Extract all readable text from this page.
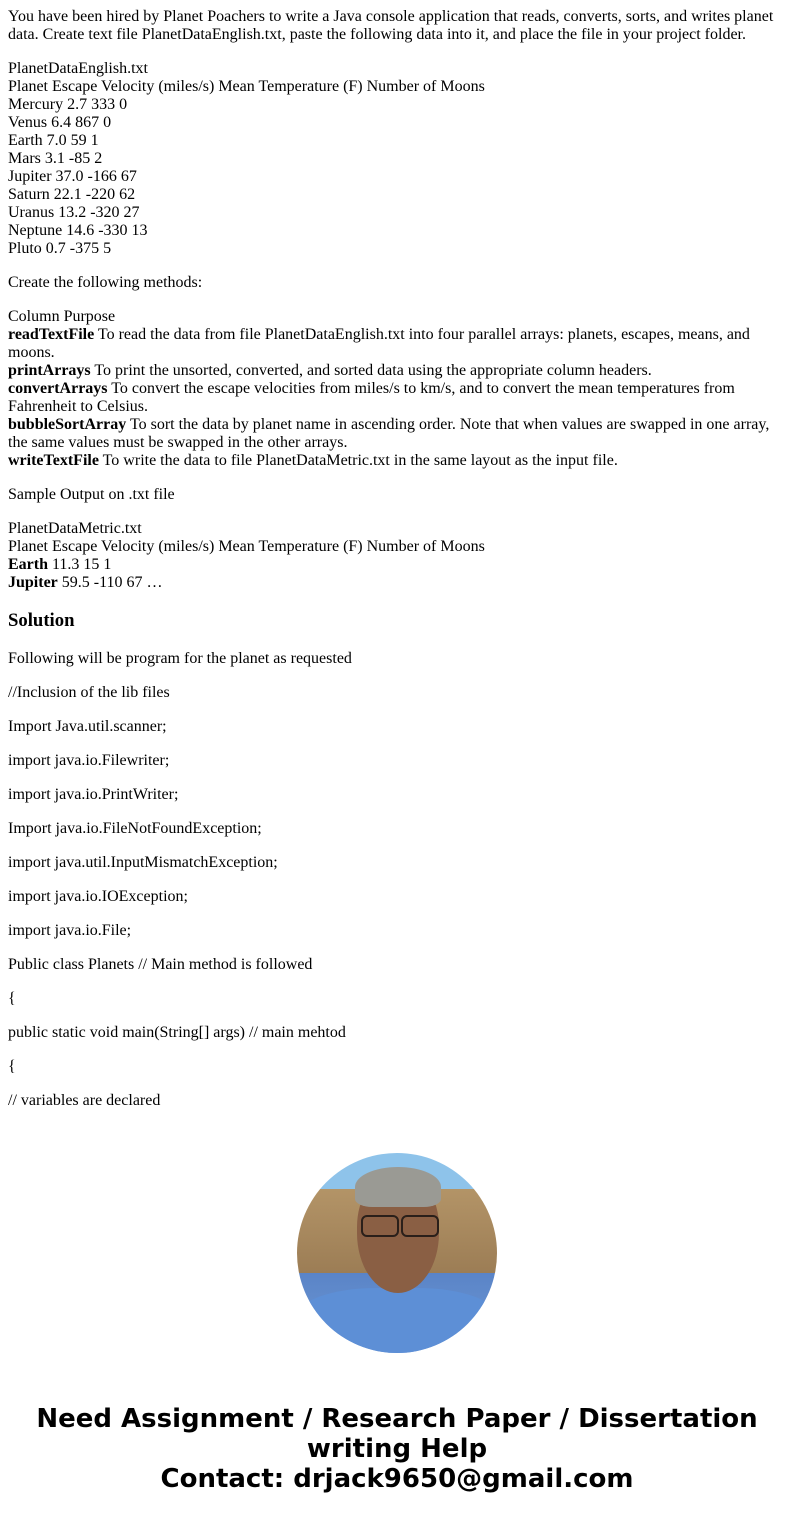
You have been hired by Planet Poachers to write a Java console application that reads, converts, sorts, and writes planet data. Create text file PlanetDataEnglish.txt, paste the following data into it, and place the file in your project folder.

PlanetDataEnglish.txt
Planet Escape Velocity (miles/s) Mean Temperature (F) Number of Moons
Mercury 2.7 333 0
Venus 6.4 867 0
Earth 7.0 59 1
Mars 3.1 -85 2
Jupiter 37.0 -166 67
Saturn 22.1 -220 62
Uranus 13.2 -320 27
Neptune 14.6 -330 13
Pluto 0.7 -375 5

Create the following methods:

Column Purpose
readTextFile To read the data from file PlanetDataEnglish.txt into four parallel arrays: planets, escapes, means, and moons.
printArrays To print the unsorted, converted, and sorted data using the appropriate column headers.
convertArrays To convert the escape velocities from miles/s to km/s, and to convert the mean temperatures from Fahrenheit to Celsius.
bubbleSortArray To sort the data by planet name in ascending order. Note that when values are swapped in one array, the same values must be swapped in the other arrays.
writeTextFile To write the data to file PlanetDataMetric.txt in the same layout as the input file.

Sample Output on .txt file

PlanetDataMetric.txt
Planet Escape Velocity (miles/s) Mean Temperature (F) Number of Moons
Earth 11.3 15 1
Jupiter 59.5 -110 67 …

Solution

Following will be program for the planet as requested

//Inclusion of the lib files

Import Java.util.scanner;

import java.io.Filewriter;

import java.io.PrintWriter;

Import java.io.FileNotFoundException;

import java.util.InputMismatchException;

import java.io.IOException;

import java.io.File;

Public class Planets // Main method is followed

{

public static void main(String[] args) // main mehtod

{

// variables are declared

Need Assignment / Research Paper / Dissertation writing Help
Contact: drjack9650@gmail.com
